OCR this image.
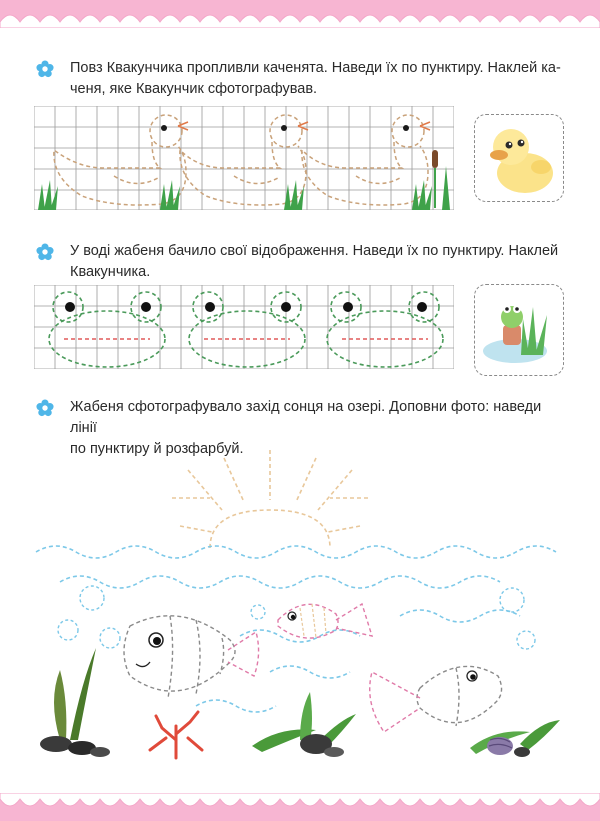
Повз Квакунчика пропливли каченята. Наведи їх по пунктиру. Наклей ка-
ченя, яке Квакунчик сфотографував.
У воді жабеня бачило свої відображення. Наведи їх по пунктиру. Наклей
Квакунчика.
Жабеня сфотографувало захід сонця на озері. Доповни фото: наведи лінії
по пунктиру й розфарбуй.
